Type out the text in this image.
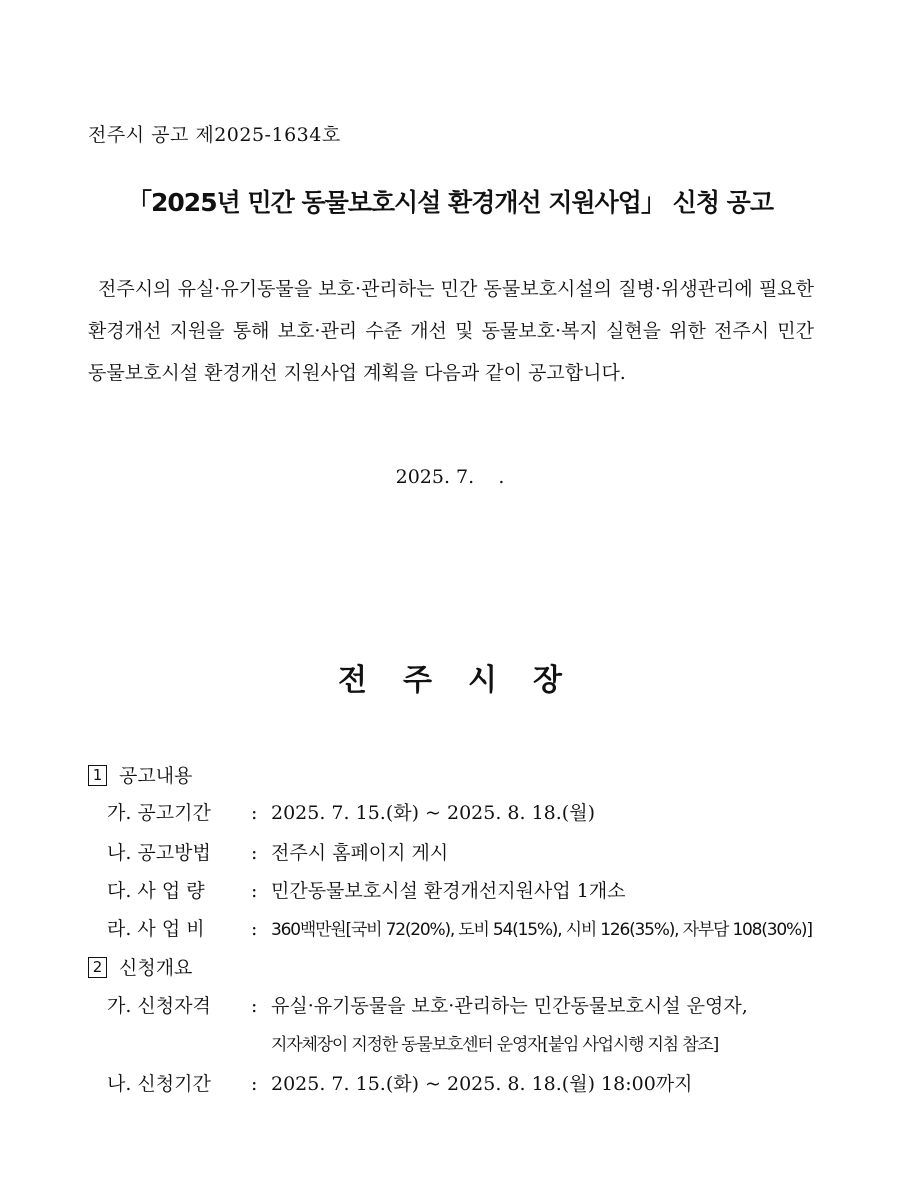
전주시 공고 제2025-1634호
「2025년 민간 동물보호시설 환경개선 지원사업」 신청 공고
전주시의 유실·유기동물을 보호·관리하는 민간 동물보호시설의 질병·위생관리에 필요한 환경개선 지원을 통해 보호·관리 수준 개선 및 동물보호·복지 실현을 위한 전주시 민간 동물보호시설 환경개선 지원사업 계획을 다음과 같이 공고합니다.
2025. 7.    .
전주시장
1 공고내용
가. 공고기간 : 2025. 7. 15.(화) ~ 2025. 8. 18.(월)
나. 공고방법 : 전주시 홈페이지 게시
다. 사 업 량 : 민간동물보호시설 환경개선지원사업 1개소
라. 사 업 비 : 360백만원[국비 72(20%), 도비 54(15%), 시비 126(35%), 자부담 108(30%)]
2 신청개요
가. 신청자격 : 유실·유기동물을 보호·관리하는 민간동물보호시설 운영자,
지자체장이 지정한 동물보호센터 운영자[붙임 사업시행 지침 참조]
나. 신청기간 : 2025. 7. 15.(화) ~ 2025. 8. 18.(월) 18:00까지
